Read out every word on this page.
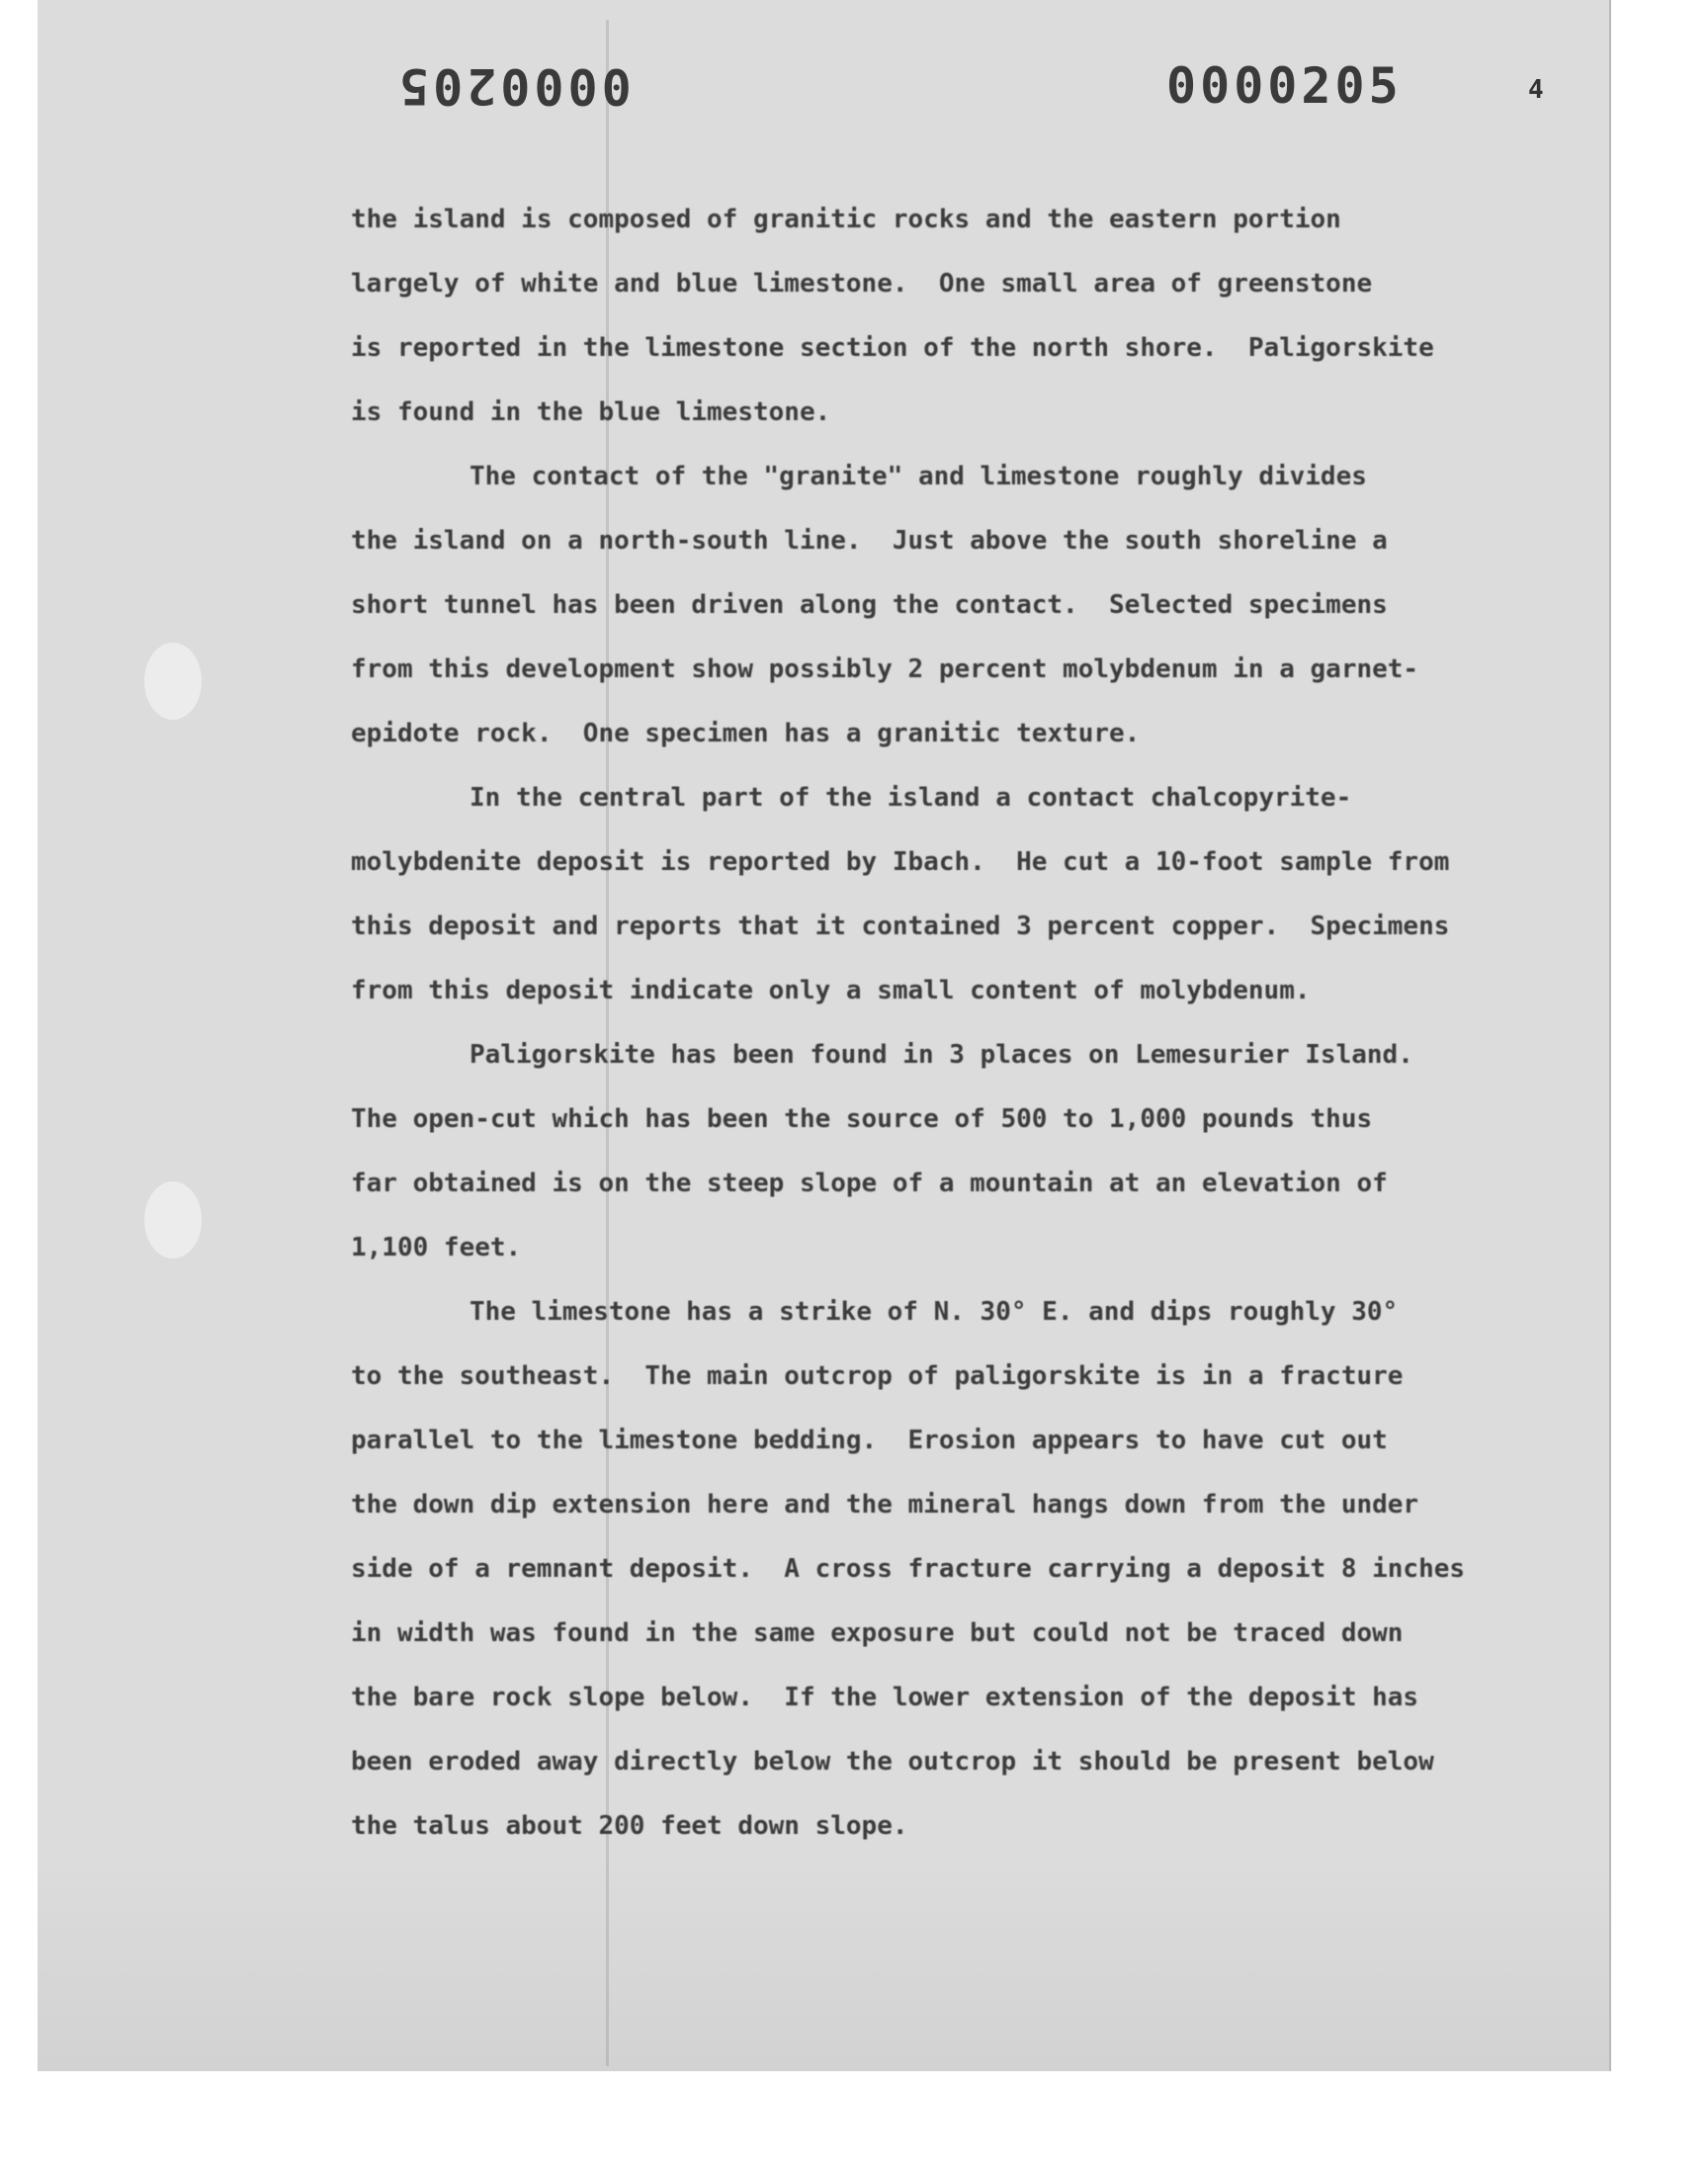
0000205	0000205	4

the island is composed of granitic rocks and the eastern portion

largely of white and blue limestone.  One small area of greenstone

is reported in the limestone section of the north shore.  Paligorskite

is found in the blue limestone.

The contact of the "granite" and limestone roughly divides

the island on a north-south line.  Just above the south shoreline a

short tunnel has been driven along the contact.  Selected specimens

from this development show possibly 2 percent molybdenum in a garnet-

epidote rock.  One specimen has a granitic texture.

In the central part of the island a contact chalcopyrite-

molybdenite deposit is reported by Ibach.  He cut a 10-foot sample from

this deposit and reports that it contained 3 percent copper.  Specimens

from this deposit indicate only a small content of molybdenum.

Paligorskite has been found in 3 places on Lemesurier Island.

The open-cut which has been the source of 500 to 1,000 pounds thus

far obtained is on the steep slope of a mountain at an elevation of

1,100 feet.

The limestone has a strike of N. 30° E. and dips roughly 30°

to the southeast.  The main outcrop of paligorskite is in a fracture

parallel to the limestone bedding.  Erosion appears to have cut out

the down dip extension here and the mineral hangs down from the under

side of a remnant deposit.  A cross fracture carrying a deposit 8 inches

in width was found in the same exposure but could not be traced down

the bare rock slope below.  If the lower extension of the deposit has

been eroded away directly below the outcrop it should be present below

the talus about 200 feet down slope.
